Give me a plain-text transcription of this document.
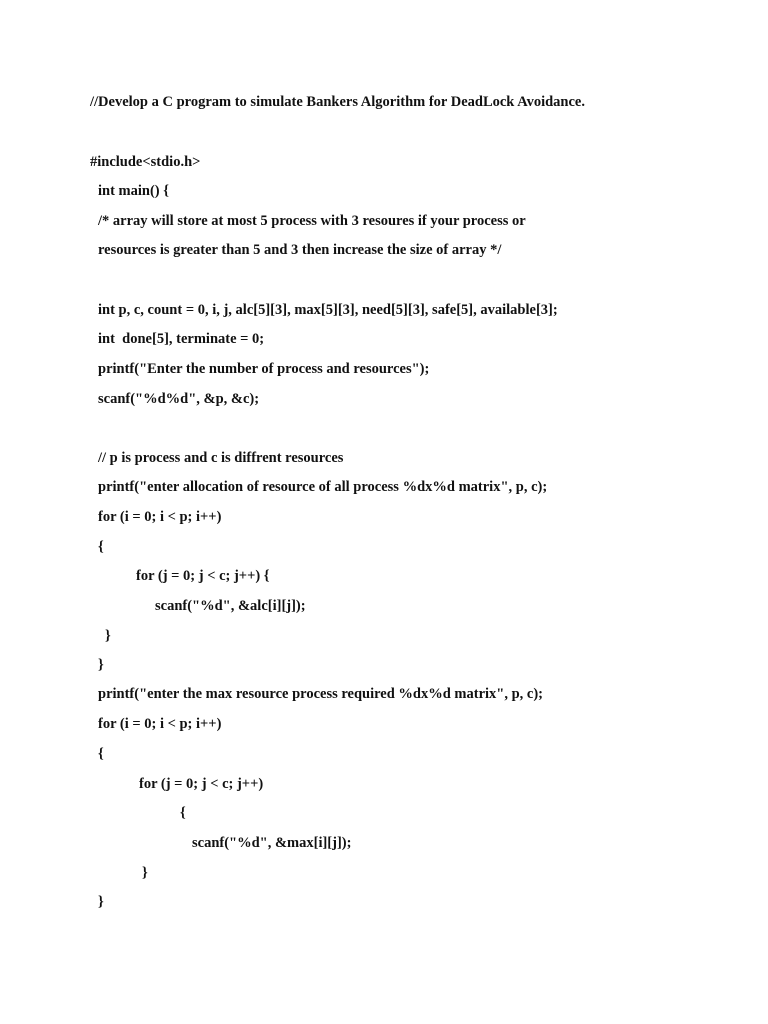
//Develop a C program to simulate Bankers Algorithm for DeadLock Avoidance.
#include<stdio.h>
int main() {
/* array will store at most 5 process with 3 resoures if your process or
resources is greater than 5 and 3 then increase the size of array */
int p, c, count = 0, i, j, alc[5][3], max[5][3], need[5][3], safe[5], available[3];
int  done[5], terminate = 0;
printf("Enter the number of process and resources");
scanf("%d%d", &p, &c);
// p is process and c is diffrent resources
printf("enter allocation of resource of all process %dx%d matrix", p, c);
for (i = 0; i < p; i++)
{
for (j = 0; j < c; j++) {
scanf("%d", &alc[i][j]);
}
}
printf("enter the max resource process required %dx%d matrix", p, c);
for (i = 0; i < p; i++)
{
for (j = 0; j < c; j++)
{
scanf("%d", &max[i][j]);
}
}
